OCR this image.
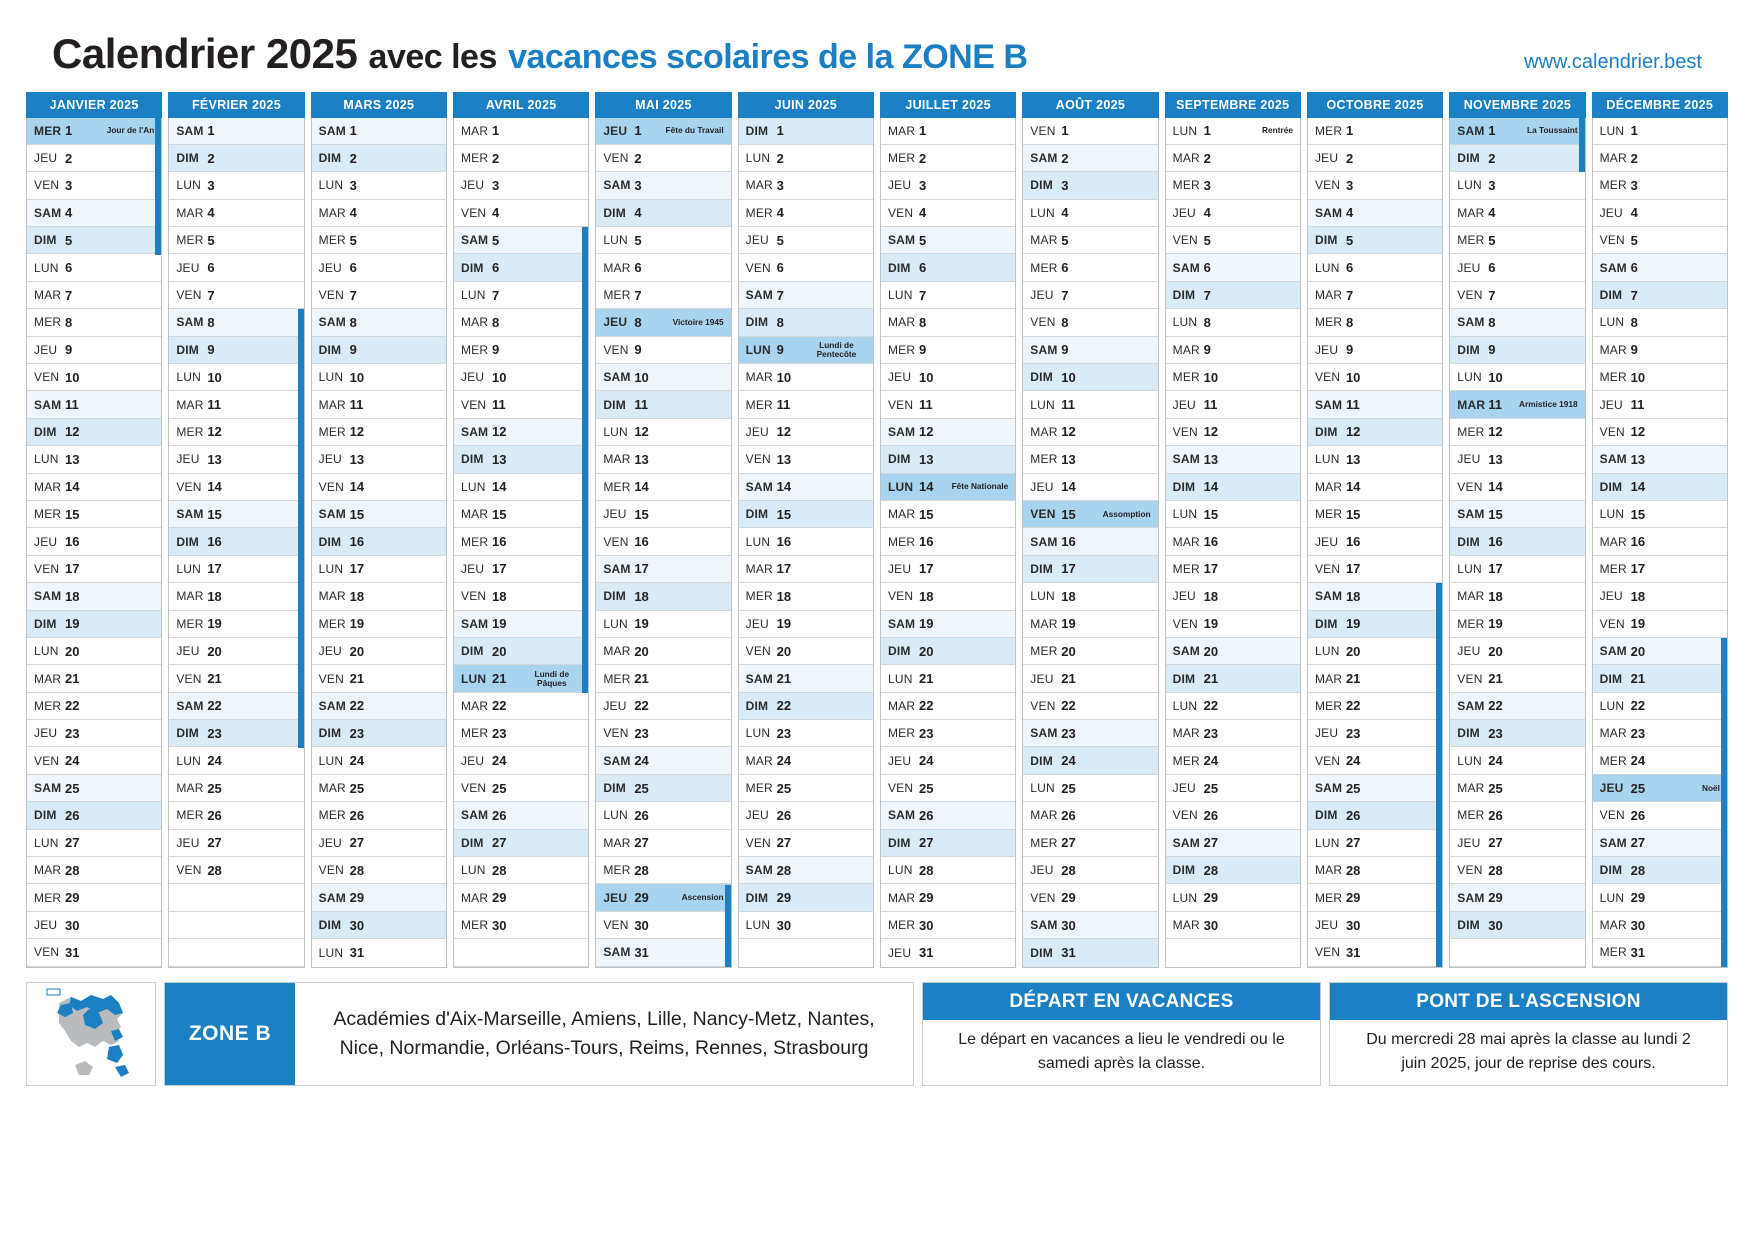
Calendrier 2025 avec les vacances scolaires de la ZONE B	www.calendrier.best
JANVIER 2025
MER 1	Jour de l'An
JEU 2
VEN 3
SAM 4
DIM 5
LUN 6
MAR 7
MER 8
JEU 9
VEN 10
SAM 11
DIM 12
LUN 13
MAR 14
MER 15
JEU 16
VEN 17
SAM 18
DIM 19
LUN 20
MAR 21
MER 22
JEU 23
VEN 24
SAM 25
DIM 26
LUN 27
MAR 28
MER 29
JEU 30
VEN 31
FÉVRIER 2025
SAM 1
DIM 2
LUN 3
MAR 4
MER 5
JEU 6
VEN 7
SAM 8
DIM 9
LUN 10
MAR 11
MER 12
JEU 13
VEN 14
SAM 15
DIM 16
LUN 17
MAR 18
MER 19
JEU 20
VEN 21
SAM 22
DIM 23
LUN 24
MAR 25
MER 26
JEU 27
VEN 28
MARS 2025
SAM 1
DIM 2
LUN 3
MAR 4
MER 5
JEU 6
VEN 7
SAM 8
DIM 9
LUN 10
MAR 11
MER 12
JEU 13
VEN 14
SAM 15
DIM 16
LUN 17
MAR 18
MER 19
JEU 20
VEN 21
SAM 22
DIM 23
LUN 24
MAR 25
MER 26
JEU 27
VEN 28
SAM 29
DIM 30
LUN 31
AVRIL 2025
MAR 1
MER 2
JEU 3
VEN 4
SAM 5
DIM 6
LUN 7
MAR 8
MER 9
JEU 10
VEN 11
SAM 12
DIM 13
LUN 14
MAR 15
MER 16
JEU 17
VEN 18
SAM 19
DIM 20
LUN 21	Lundi de Pâques
MAR 22
MER 23
JEU 24
VEN 25
SAM 26
DIM 27
LUN 28
MAR 29
MER 30
MAI 2025
JEU 1	Fête du Travail
VEN 2
SAM 3
DIM 4
LUN 5
MAR 6
MER 7
JEU 8	Victoire 1945
VEN 9
SAM 10
DIM 11
LUN 12
MAR 13
MER 14
JEU 15
VEN 16
SAM 17
DIM 18
LUN 19
MAR 20
MER 21
JEU 22
VEN 23
SAM 24
DIM 25
LUN 26
MAR 27
MER 28
JEU 29	Ascension
VEN 30
SAM 31
JUIN 2025
DIM 1
LUN 2
MAR 3
MER 4
JEU 5
VEN 6
SAM 7
DIM 8
LUN 9	Lundi de Pentecôte
MAR 10
MER 11
JEU 12
VEN 13
SAM 14
DIM 15
LUN 16
MAR 17
MER 18
JEU 19
VEN 20
SAM 21
DIM 22
LUN 23
MAR 24
MER 25
JEU 26
VEN 27
SAM 28
DIM 29
LUN 30
JUILLET 2025
MAR 1
MER 2
JEU 3
VEN 4
SAM 5
DIM 6
LUN 7
MAR 8
MER 9
JEU 10
VEN 11
SAM 12
DIM 13
LUN 14	Fête Nationale
MAR 15
MER 16
JEU 17
VEN 18
SAM 19
DIM 20
LUN 21
MAR 22
MER 23
JEU 24
VEN 25
SAM 26
DIM 27
LUN 28
MAR 29
MER 30
JEU 31
AOÛT 2025
VEN 1
SAM 2
DIM 3
LUN 4
MAR 5
MER 6
JEU 7
VEN 8
SAM 9
DIM 10
LUN 11
MAR 12
MER 13
JEU 14
VEN 15	Assomption
SAM 16
DIM 17
LUN 18
MAR 19
MER 20
JEU 21
VEN 22
SAM 23
DIM 24
LUN 25
MAR 26
MER 27
JEU 28
VEN 29
SAM 30
DIM 31
SEPTEMBRE 2025
LUN 1	Rentrée
MAR 2
MER 3
JEU 4
VEN 5
SAM 6
DIM 7
LUN 8
MAR 9
MER 10
JEU 11
VEN 12
SAM 13
DIM 14
LUN 15
MAR 16
MER 17
JEU 18
VEN 19
SAM 20
DIM 21
LUN 22
MAR 23
MER 24
JEU 25
VEN 26
SAM 27
DIM 28
LUN 29
MAR 30
OCTOBRE 2025
MER 1
JEU 2
VEN 3
SAM 4
DIM 5
LUN 6
MAR 7
MER 8
JEU 9
VEN 10
SAM 11
DIM 12
LUN 13
MAR 14
MER 15
JEU 16
VEN 17
SAM 18
DIM 19
LUN 20
MAR 21
MER 22
JEU 23
VEN 24
SAM 25
DIM 26
LUN 27
MAR 28
MER 29
JEU 30
VEN 31
NOVEMBRE 2025
SAM 1	La Toussaint
DIM 2
LUN 3
MAR 4
MER 5
JEU 6
VEN 7
SAM 8
DIM 9
LUN 10
MAR 11	Armistice 1918
MER 12
JEU 13
VEN 14
SAM 15
DIM 16
LUN 17
MAR 18
MER 19
JEU 20
VEN 21
SAM 22
DIM 23
LUN 24
MAR 25
MER 26
JEU 27
VEN 28
SAM 29
DIM 30
DÉCEMBRE 2025
LUN 1
MAR 2
MER 3
JEU 4
VEN 5
SAM 6
DIM 7
LUN 8
MAR 9
MER 10
JEU 11
VEN 12
SAM 13
DIM 14
LUN 15
MAR 16
MER 17
JEU 18
VEN 19
SAM 20
DIM 21
LUN 22
MAR 23
MER 24
JEU 25	Noël
VEN 26
SAM 27
DIM 28
LUN 29
MAR 30
MER 31
ZONE B
Académies d'Aix-Marseille, Amiens, Lille, Nancy-Metz, Nantes, Nice, Normandie, Orléans-Tours, Reims, Rennes, Strasbourg
DÉPART EN VACANCES
Le départ en vacances a lieu le vendredi ou le samedi après la classe.
PONT DE L'ASCENSION
Du mercredi 28 mai après la classe au lundi 2 juin 2025, jour de reprise des cours.
